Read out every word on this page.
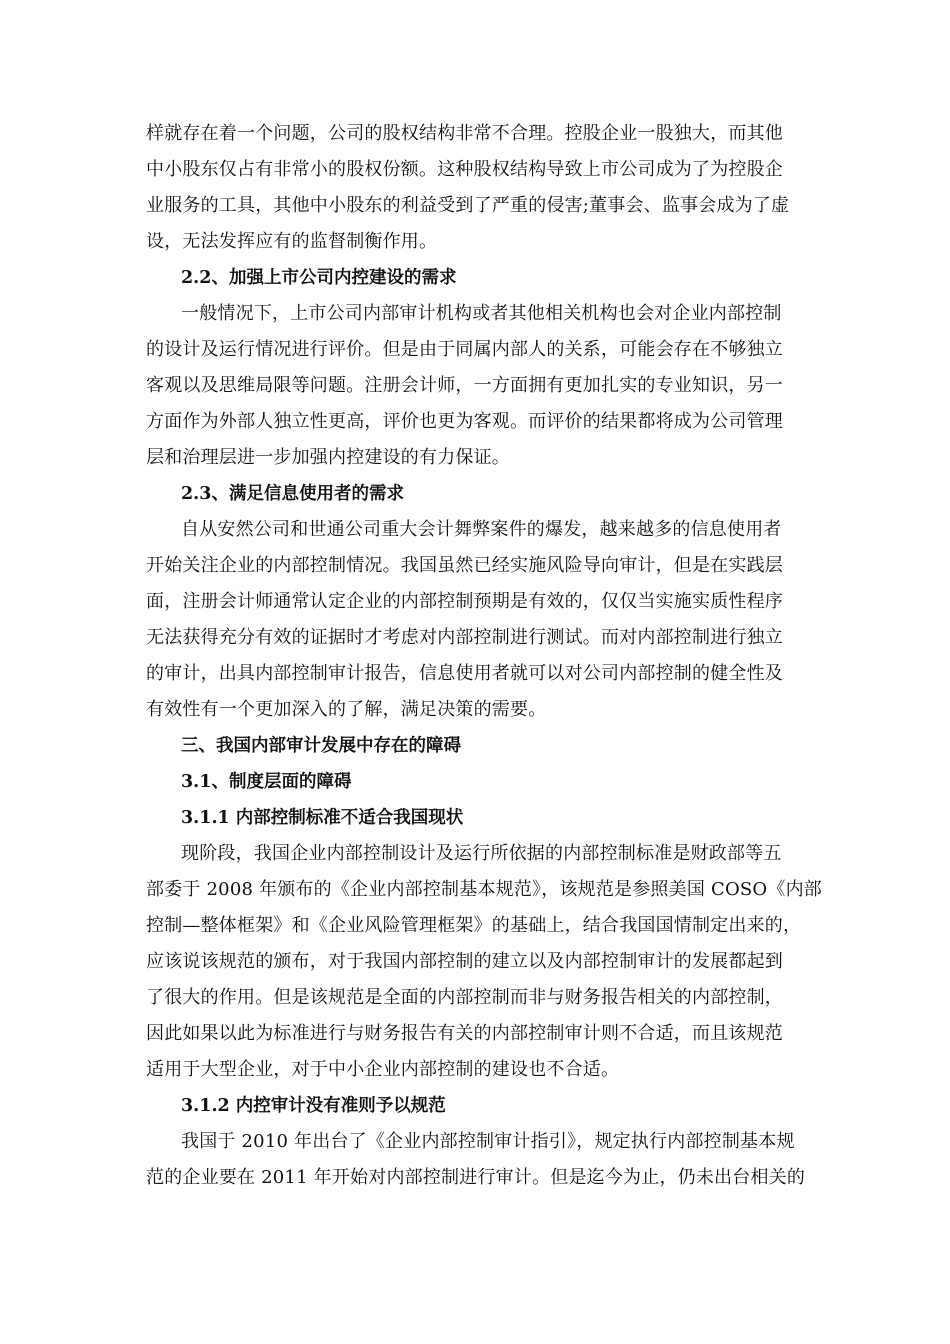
样就存在着一个问题，公司的股权结构非常不合理。控股企业一股独大，而其他
中小股东仅占有非常小的股权份额。这种股权结构导致上市公司成为了为控股企
业服务的工具，其他中小股东的利益受到了严重的侵害;董事会、监事会成为了虚
设，无法发挥应有的监督制衡作用。
2.2、加强上市公司内控建设的需求
一般情况下，上市公司内部审计机构或者其他相关机构也会对企业内部控制
的设计及运行情况进行评价。但是由于同属内部人的关系，可能会存在不够独立
客观以及思维局限等问题。注册会计师，一方面拥有更加扎实的专业知识，另一
方面作为外部人独立性更高，评价也更为客观。而评价的结果都将成为公司管理
层和治理层进一步加强内控建设的有力保证。
2.3、满足信息使用者的需求
自从安然公司和世通公司重大会计舞弊案件的爆发，越来越多的信息使用者
开始关注企业的内部控制情况。我国虽然已经实施风险导向审计，但是在实践层
面，注册会计师通常认定企业的内部控制预期是有效的，仅仅当实施实质性程序
无法获得充分有效的证据时才考虑对内部控制进行测试。而对内部控制进行独立
的审计，出具内部控制审计报告，信息使用者就可以对公司内部控制的健全性及
有效性有一个更加深入的了解，满足决策的需要。
三、我国内部审计发展中存在的障碍
3.1、制度层面的障碍
3.1.1 内部控制标准不适合我国现状
现阶段，我国企业内部控制设计及运行所依据的内部控制标准是财政部等五
部委于 2008 年颁布的《企业内部控制基本规范》，该规范是参照美国 COSO《内部
控制—整体框架》和《企业风险管理框架》的基础上，结合我国国情制定出来的，
应该说该规范的颁布，对于我国内部控制的建立以及内部控制审计的发展都起到
了很大的作用。但是该规范是全面的内部控制而非与财务报告相关的内部控制，
因此如果以此为标准进行与财务报告有关的内部控制审计则不合适，而且该规范
适用于大型企业，对于中小企业内部控制的建设也不合适。
3.1.2 内控审计没有准则予以规范
我国于 2010 年出台了《企业内部控制审计指引》，规定执行内部控制基本规
范的企业要在 2011 年开始对内部控制进行审计。但是迄今为止，仍未出台相关的
